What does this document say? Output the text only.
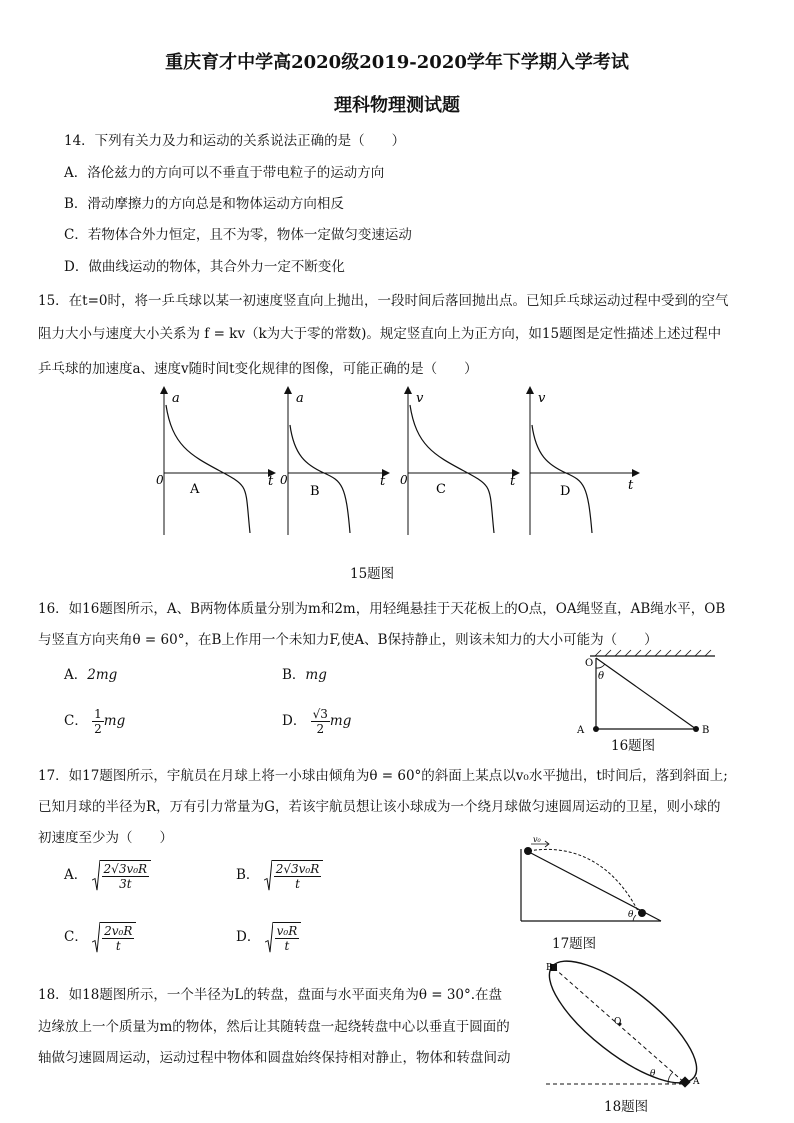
重庆育才中学高2020级2019-2020学年下学期入学考试
理科物理测试题
14．下列有关力及力和运动的关系说法正确的是（　　）
A．洛伦兹力的方向可以不垂直于带电粒子的运动方向
B．滑动摩擦力的方向总是和物体运动方向相反
C．若物体合外力恒定，且不为零，物体一定做匀变速运动
D．做曲线运动的物体，其合外力一定不断变化
15．在t=0时，将一乒乓球以某一初速度竖直向上抛出，一段时间后落回抛出点。已知乒乓球运动过程中受到的空气
阻力大小与速度大小关系为 f = kv（k为大于零的常数)。规定竖直向上为正方向，如15题图是定性描述上述过程中
乒乓球的加速度a、速度v随时间t变化规律的图像，可能正确的是（　　）
a
0	t
A
a
0	t
B
v
0	t
C
v
t
D
15题图
16．如16题图所示，A、B两物体质量分别为m和2m，用轻绳悬挂于天花板上的O点，OA绳竖直，AB绳水平，OB
与竖直方向夹角θ = 60°，在B上作用一个未知力F,使A、B保持静止，则该未知力的大小可能为（　　）
A．2mg	B．mg
C． $\frac{1}{2}$ mg	D． $\frac{√3}{2}$ mg
O
θ
A	B
16题图
17．如17题图所示，宇航员在月球上将一小球由倾角为θ = 60°的斜面上某点以v₀水平抛出，t时间后，落到斜面上;
已知月球的半径为R，万有引力常量为G，若该宇航员想让该小球成为一个绕月球做匀速圆周运动的卫星，则小球的
初速度至少为（　　）
A． $\frac{\text{2√3v₀R}}{3t}$	B． $\frac{\text{2√3v₀R}}{t}$
C． $\frac{\text{2v₀R}}{t}$	D． $\frac{\text{v₀R}}{t}$
v₀
θ
17题图
18．如18题图所示，一个半径为L的转盘，盘面与水平面夹角为θ = 30°.在盘
边缘放上一个质量为m的物体，然后让其随转盘一起绕转盘中心以垂直于圆面的
轴做匀速圆周运动，运动过程中物体和圆盘始终保持相对静止，物体和转盘间动
B
O
θ
A
18题图
